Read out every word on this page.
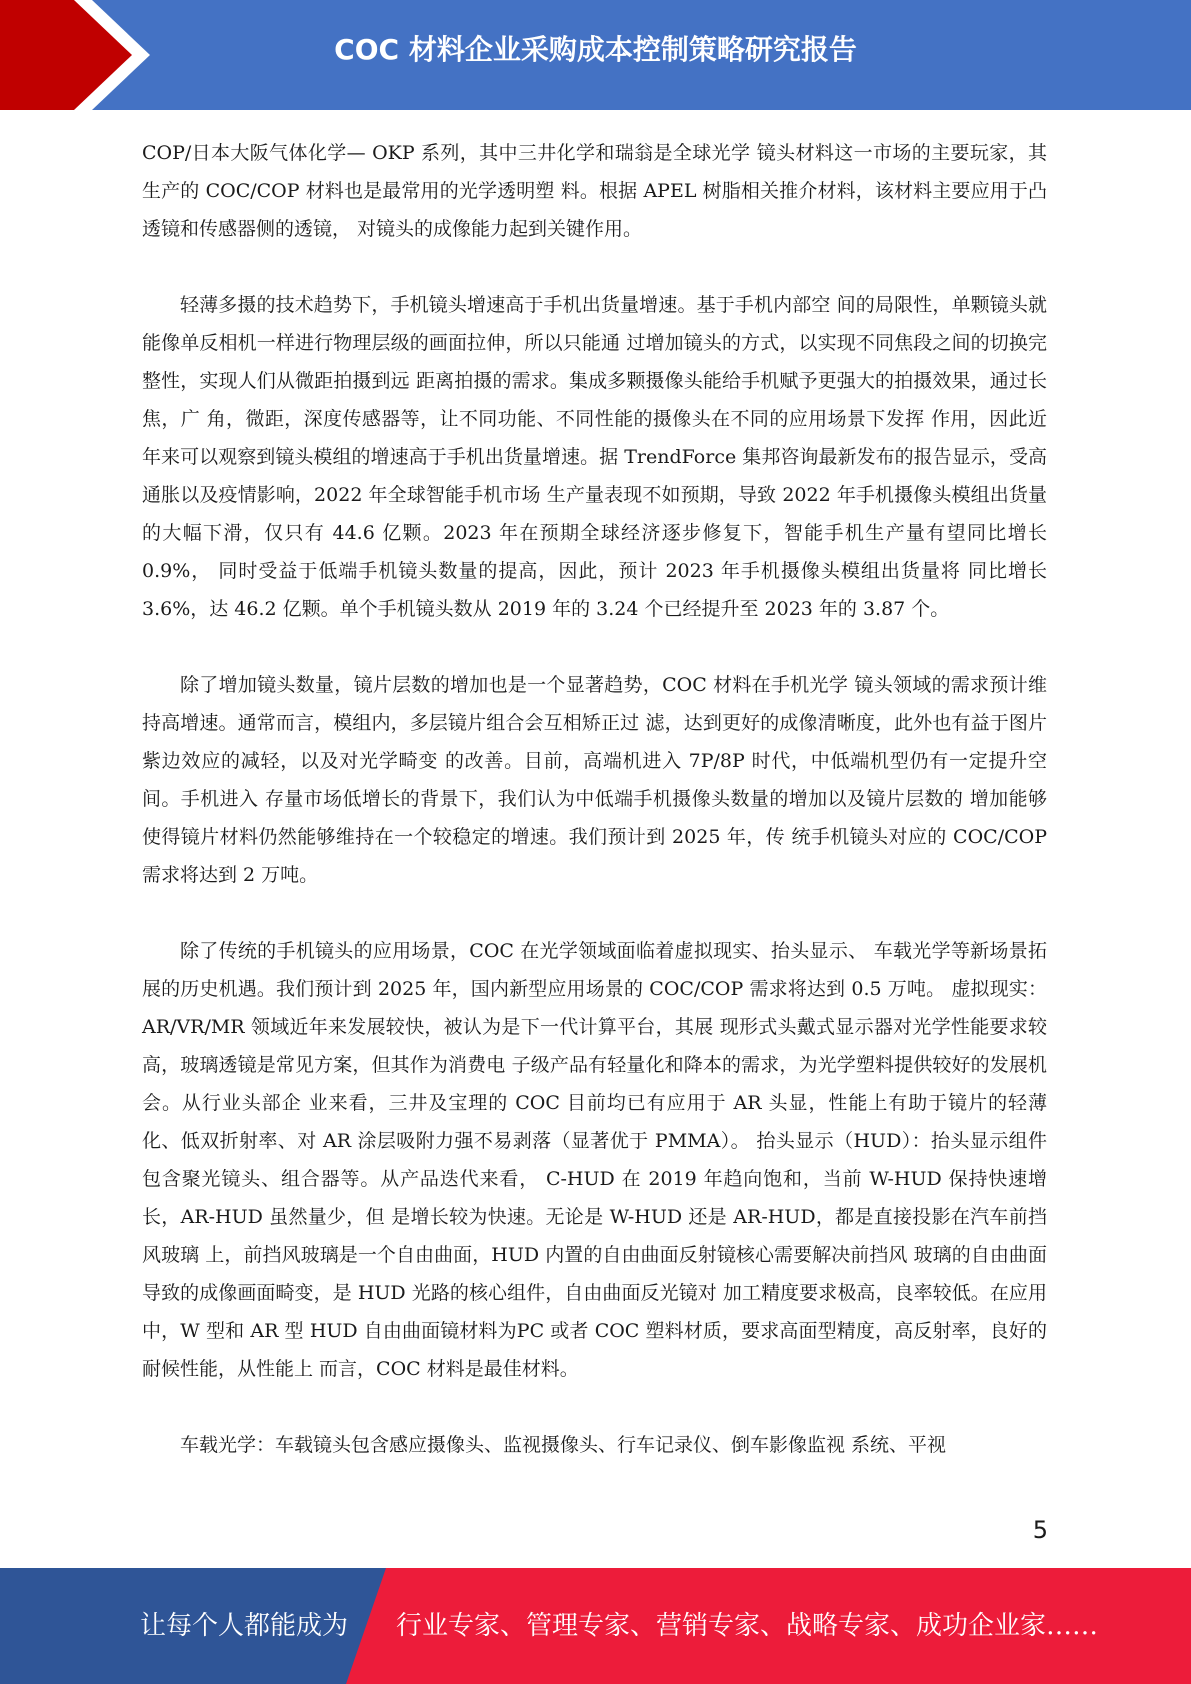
COC 材料企业采购成本控制策略研究报告

COP/日本大阪气体化学— OKP 系列，其中三井化学和瑞翁是全球光学 镜头材料这一市场的主要玩家，其生产的 COC/COP 材料也是最常用的光学透明塑 料。根据 APEL 树脂相关推介材料，该材料主要应用于凸透镜和传感器侧的透镜， 对镜头的成像能力起到关键作用。

轻薄多摄的技术趋势下，手机镜头增速高于手机出货量增速。基于手机内部空 间的局限性，单颗镜头就能像单反相机一样进行物理层级的画面拉伸，所以只能通 过增加镜头的方式，以实现不同焦段之间的切换完整性，实现人们从微距拍摄到远 距离拍摄的需求。集成多颗摄像头能给手机赋予更强大的拍摄效果，通过长焦，广 角，微距，深度传感器等，让不同功能、不同性能的摄像头在不同的应用场景下发挥 作用，因此近年来可以观察到镜头模组的增速高于手机出货量增速。据 TrendForce 集邦咨询最新发布的报告显示，受高通胀以及疫情影响，2022 年全球智能手机市场 生产量表现不如预期，导致 2022 年手机摄像头模组出货量的大幅下滑，仅只有 44.6 亿颗。2023 年在预期全球经济逐步修复下，智能手机生产量有望同比增长 0.9%， 同时受益于低端手机镜头数量的提高，因此，预计 2023 年手机摄像头模组出货量将 同比增长 3.6%，达 46.2 亿颗。单个手机镜头数从 2019 年的 3.24 个已经提升至 2023 年的 3.87 个。

除了增加镜头数量，镜片层数的增加也是一个显著趋势，COC 材料在手机光学 镜头领域的需求预计维持高增速。通常而言，模组内，多层镜片组合会互相矫正过 滤，达到更好的成像清晰度，此外也有益于图片紫边效应的减轻，以及对光学畸变 的改善。目前，高端机进入 7P/8P 时代，中低端机型仍有一定提升空间。手机进入 存量市场低增长的背景下，我们认为中低端手机摄像头数量的增加以及镜片层数的 增加能够使得镜片材料仍然能够维持在一个较稳定的增速。我们预计到 2025 年，传 统手机镜头对应的 COC/COP 需求将达到 2 万吨。

除了传统的手机镜头的应用场景，COC 在光学领域面临着虚拟现实、抬头显示、 车载光学等新场景拓展的历史机遇。我们预计到 2025 年，国内新型应用场景的 COC/COP 需求将达到 0.5 万吨。 虚拟现实：AR/VR/MR 领域近年来发展较快，被认为是下一代计算平台，其展 现形式头戴式显示器对光学性能要求较高，玻璃透镜是常见方案，但其作为消费电 子级产品有轻量化和降本的需求，为光学塑料提供较好的发展机会。从行业头部企 业来看，三井及宝理的 COC 目前均已有应用于 AR 头显，性能上有助于镜片的轻薄 化、低双折射率、对 AR 涂层吸附力强不易剥落（显著优于 PMMA）。 抬头显示（HUD）：抬头显示组件包含聚光镜头、组合器等。从产品迭代来看， C-HUD 在 2019 年趋向饱和，当前 W-HUD 保持快速增长，AR-HUD 虽然量少，但 是增长较为快速。无论是 W-HUD 还是 AR-HUD，都是直接投影在汽车前挡风玻璃 上，前挡风玻璃是一个自由曲面，HUD 内置的自由曲面反射镜核心需要解决前挡风 玻璃的自由曲面导致的成像画面畸变，是 HUD 光路的核心组件，自由曲面反光镜对 加工精度要求极高，良率较低。在应用中，W 型和 AR 型 HUD 自由曲面镜材料为PC 或者 COC 塑料材质，要求高面型精度，高反射率，良好的耐候性能，从性能上 而言，COC 材料是最佳材料。

车载光学：车载镜头包含感应摄像头、监视摄像头、行车记录仪、倒车影像监视 系统、平视

5
让每个人都能成为 行业专家、管理专家、营销专家、战略专家、成功企业家……
